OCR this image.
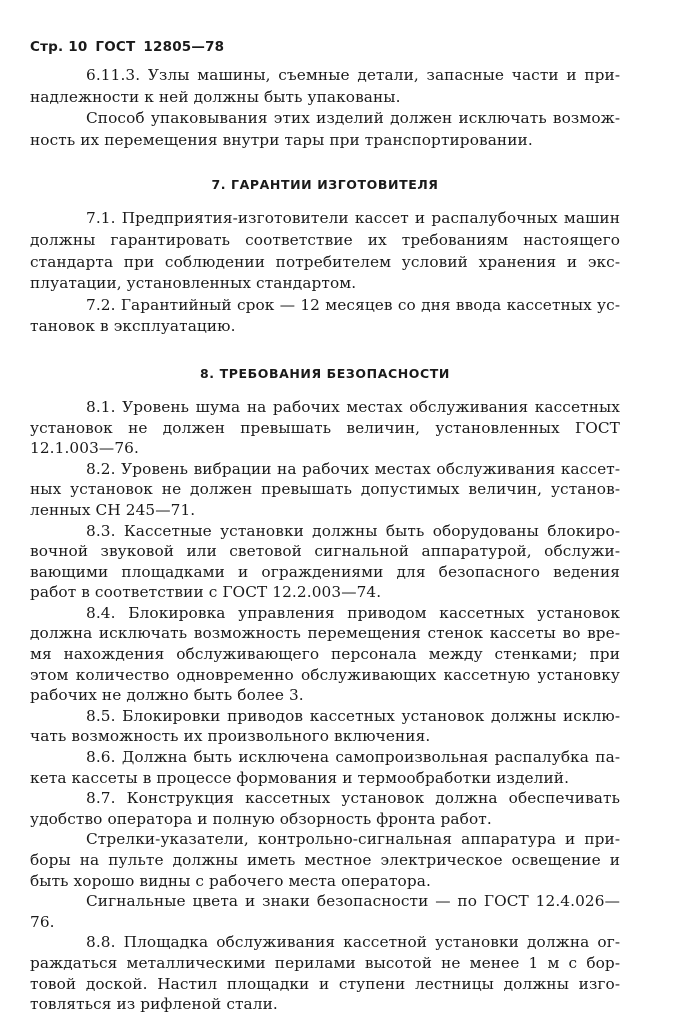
Стр. 10 ГОСТ 12805—78

6.11.3. Узлы машины, съемные детали, запасные части и принадлежности к ней должны быть упакованы.

Способ упаковывания этих изделий должен исключать возможность их перемещения внутри тары при транспортировании.

7. ГАРАНТИИ ИЗГОТОВИТЕЛЯ

7.1. Предприятия-изготовители кассет и распалубочных машин должны гарантировать соответствие их требованиям настоящего стандарта при соблюдении потребителем условий хранения и эксплуатации, установленных стандартом.

7.2. Гарантийный срок — 12 месяцев со дня ввода кассетных установок в эксплуатацию.

8. ТРЕБОВАНИЯ БЕЗОПАСНОСТИ

8.1. Уровень шума на рабочих местах обслуживания кассетных установок не должен превышать величин, установленных ГОСТ 12.1.003—76.

8.2. Уровень вибрации на рабочих местах обслуживания кассетных установок не должен превышать допустимых величин, установленных СН 245—71.

8.3. Кассетные установки должны быть оборудованы блокировочной звуковой или световой сигнальной аппаратурой, обслуживающими площадками и ограждениями для безопасного ведения работ в соответствии с ГОСТ 12.2.003—74.

8.4. Блокировка управления приводом кассетных установок должна исключать возможность перемещения стенок кассеты во время нахождения обслуживающего персонала между стенками; при этом количество одновременно обслуживающих кассетную установку рабочих не должно быть более 3.

8.5. Блокировки приводов кассетных установок должны исключать возможность их произвольного включения.

8.6. Должна быть исключена самопроизвольная распалубка пакета кассеты в процессе формования и термообработки изделий.

8.7. Конструкция кассетных установок должна обеспечивать удобство оператора и полную обзорность фронта работ.

Стрелки-указатели, контрольно-сигнальная аппаратура и приборы на пульте должны иметь местное электрическое освещение и быть хорошо видны с рабочего места оператора.

Сигнальные цвета и знаки безопасности — по ГОСТ 12.4.026—76.

8.8. Площадка обслуживания кассетной установки должна ограждаться металлическими перилами высотой не менее 1 м с бортовой доской. Настил площадки и ступени лестницы должны изготовляться из рифленой стали.
